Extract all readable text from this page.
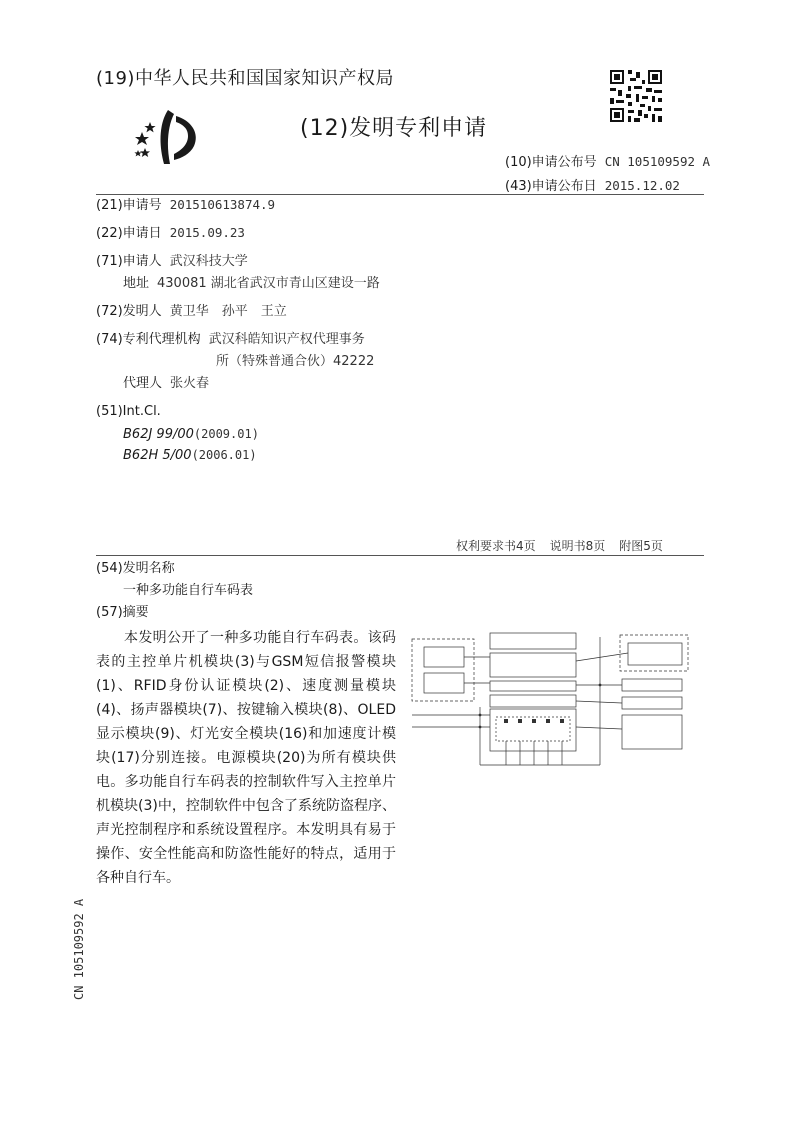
(19)中华人民共和国国家知识产权局
(12)发明专利申请
(10)申请公布号 CN 105109592 A
(43)申请公布日 2015.12.02
(21)申请号 201510613874.9
(22)申请日 2015.09.23
(71)申请人 武汉科技大学
地址 430081 湖北省武汉市青山区建设一路
(72)发明人 黄卫华　孙平　王立
(74)专利代理机构 武汉科皓知识产权代理事务
所（特殊普通合伙）42222
代理人 张火春
(51)Int.Cl.
B62J 99/00(2009.01)
B62H 5/00(2006.01)
权利要求书4页 说明书8页 附图5页
(54)发明名称
一种多功能自行车码表
(57)摘要
本发明公开了一种多功能自行车码表。该码表的主控单片机模块(3)与GSM短信报警模块(1)、RFID身份认证模块(2)、速度测量模块(4)、扬声器模块(7)、按键输入模块(8)、OLED显示模块(9)、灯光安全模块(16)和加速度计模块(17)分别连接。电源模块(20)为所有模块供电。多功能自行车码表的控制软件写入主控单片机模块(3)中，控制软件中包含了系统防盗程序、声光控制程序和系统设置程序。本发明具有易于操作、安全性能高和防盗性能好的特点，适用于各种自行车。
CN 105109592 A
